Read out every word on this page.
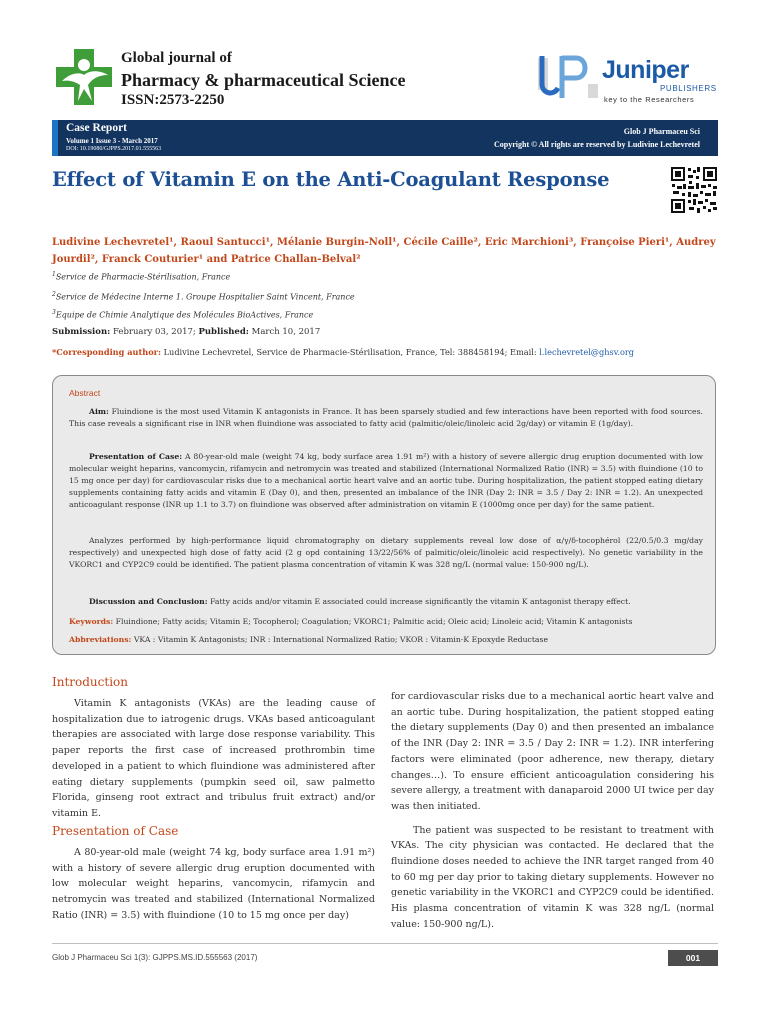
Global journal of
Pharmacy & pharmaceutical Science
ISSN:2573-2250
Juniper
PUBLISHERS
key to the Researchers
Case Report
Volume 1 Issue 3 - March 2017
DOI: 10.19080/GJPPS.2017.01.555563
Glob J Pharmaceu Sci
Copyright © All rights are reserved by Ludivine Lechevretel
Effect of Vitamin E on the Anti-Coagulant Response
Ludivine Lechevretel¹, Raoul Santucci¹, Mélanie Burgin-Noll¹, Cécile Caille², Eric Marchioni³, Françoise Pieri¹, Audrey Jourdil², Franck Couturier¹ and Patrice Challan-Belval²
$^1$Service de Pharmacie-Stérilisation, France
$^2$Service de Médecine Interne 1. Groupe Hospitalier Saint Vincent, France
$^3$Equipe de Chimie Analytique des Molécules BioActives, France
Submission: February 03, 2017; Published: March 10, 2017
*Corresponding author: Ludivine Lechevretel, Service de Pharmacie-Stérilisation, France, Tel: 388458194; Email: l.lechevretel@ghsv.org
Abstract
Aim: Fluindione is the most used Vitamin K antagonists in France. It has been sparsely studied and few interactions have been reported with food sources. This case reveals a significant rise in INR when fluindione was associated to fatty acid (palmitic/oleic/linoleic acid 2g/day) or vitamin E (1g/day).
Presentation of Case: A 80-year-old male (weight 74 kg, body surface area 1.91 m²) with a history of severe allergic drug eruption documented with low molecular weight heparins, vancomycin, rifamycin and netromycin was treated and stabilized (International Normalized Ratio (INR) = 3.5) with fluindione (10 to 15 mg once per day) for cardiovascular risks due to a mechanical aortic heart valve and an aortic tube. During hospitalization, the patient stopped eating dietary supplements containing fatty acids and vitamin E (Day 0), and then, presented an imbalance of the INR (Day 2: INR = 3.5 / Day 2: INR = 1.2). An unexpected anticoagulant response (INR up 1.1 to 3.7) on fluindione was observed after administration on vitamin E (1000mg once per day) for the same patient.
Analyzes performed by high-performance liquid chromatography on dietary supplements reveal low dose of α/γ/δ-tocophérol (22/0.5/0.3 mg/day respectively) and unexpected high dose of fatty acid (2 g opd containing 13/22/56% of palmitic/oleic/linoleic acid respectively). No genetic variability in the VKORC1 and CYP2C9 could be identified. The patient plasma concentration of vitamin K was 328 ng/L (normal value: 150-900 ng/L).
Discussion and Conclusion: Fatty acids and/or vitamin E associated could increase significantly the vitamin K antagonist therapy effect.
Keywords: Fluindione; Fatty acids; Vitamin E; Tocopherol; Coagulation; VKORC1; Palmitic acid; Oleic acid; Linoleic acid; Vitamin K antagonists
Abbreviations: VKA : Vitamin K Antagonists; INR : International Normalized Ratio; VKOR : Vitamin-K Epoxyde Reductase
Introduction

Vitamin K antagonists (VKAs) are the leading cause of hospitalization due to iatrogenic drugs. VKAs based anticoagulant therapies are associated with large dose response variability. This paper reports the first case of increased prothrombin time developed in a patient to which fluindione was administered after eating dietary supplements (pumpkin seed oil, saw palmetto Florida, ginseng root extract and tribulus fruit extract) and/or vitamin E.

Presentation of Case

A 80-year-old male (weight 74 kg, body surface area 1.91 m²) with a history of severe allergic drug eruption documented with low molecular weight heparins, vancomycin, rifamycin and netromycin was treated and stabilized (International Normalized Ratio (INR) = 3.5) with fluindione (10 to 15 mg once per day)

for cardiovascular risks due to a mechanical aortic heart valve and an aortic tube. During hospitalization, the patient stopped eating the dietary supplements (Day 0) and then presented an imbalance of the INR (Day 2: INR = 3.5 / Day 2: INR = 1.2). INR interfering factors were eliminated (poor adherence, new therapy, dietary changes…). To ensure efficient anticoagulation considering his severe allergy, a treatment with danaparoid 2000 UI twice per day was then initiated.

The patient was suspected to be resistant to treatment with VKAs. The city physician was contacted. He declared that the fluindione doses needed to achieve the INR target ranged from 40 to 60 mg per day prior to taking dietary supplements. However no genetic variability in the VKORC1 and CYP2C9 could be identified. His plasma concentration of vitamin K was 328 ng/L (normal value: 150-900 ng/L).

Glob J Pharmaceu Sci 1(3): GJPPS.MS.ID.555563 (2017)	001
